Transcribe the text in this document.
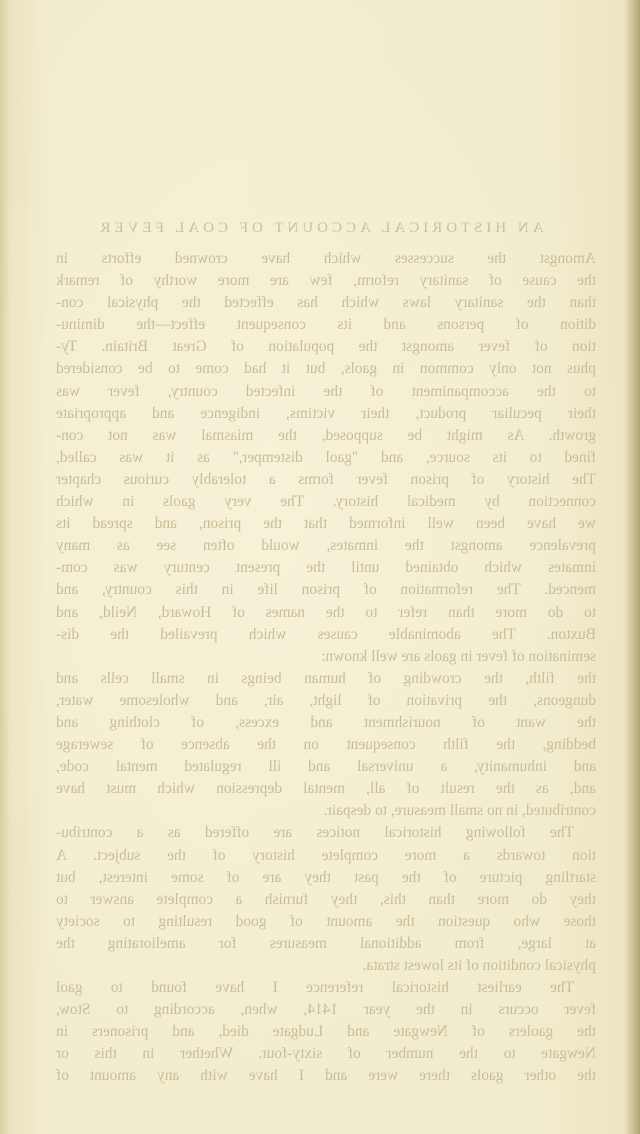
AN HISTORICAL ACCOUNT OF COAL FEVER
Amongst the successes which have crowned efforts in
the cause of sanitary reform, few are more worthy of remark
than the sanitary laws which has effected the physical con-
dition of persons and its consequent effect—the diminu-
tion of fever amongst the population of Great Britain. Ty-
phus not only common in gaols, but it had come to be considered
to the accompaniment of the infected country, fever was
their peculiar product, their victims, indigence and appropriate
growth. As might be supposed, the miasmal was not con-
fined to its source, and "gaol distemper," as it was called,
The history of prison fever forms a tolerably curious chapter
connection by medical history. The very gaols in which
we have been well informed that the prison, and spread its
prevalence amongst the inmates, would often see as many
inmates which obtained until the present century was com-
menced. The reformation of prison life in this country, and
to do more than refer to the names of Howard, Neild, and
Buxton. The abominable causes which prevailed the dis-
semination of fever in gaols are well known:
the filth, the crowding of human beings in small cells and
dungeons, the privation of light, air, and wholesome water,
the want of nourishment and excess, of clothing and
bedding, the filth consequent on the absence of sewerage
and inhumanity, a universal and ill regulated mental code,
and, as the result of all, mental depression which must have
contributed, in no small measure, to despair.
The following historical notices are offered as a contribu-
tion towards a more complete history of the subject. A
startling picture of the past they are of some interest, but
they do more than this, they furnish a complete answer to
those who question the amount of good resulting to society
at large, from additional measures for ameliorating the
physical condition of its lowest strata.
The earliest historical reference I have found to gaol
fever occurs in the year 1414, when, according to Stow,
the gaolers of Newgate and Ludgate died, and prisoners in
Newgate to the number of sixty-four. Whether in this or
the other gaols there were and I have with any amount of
